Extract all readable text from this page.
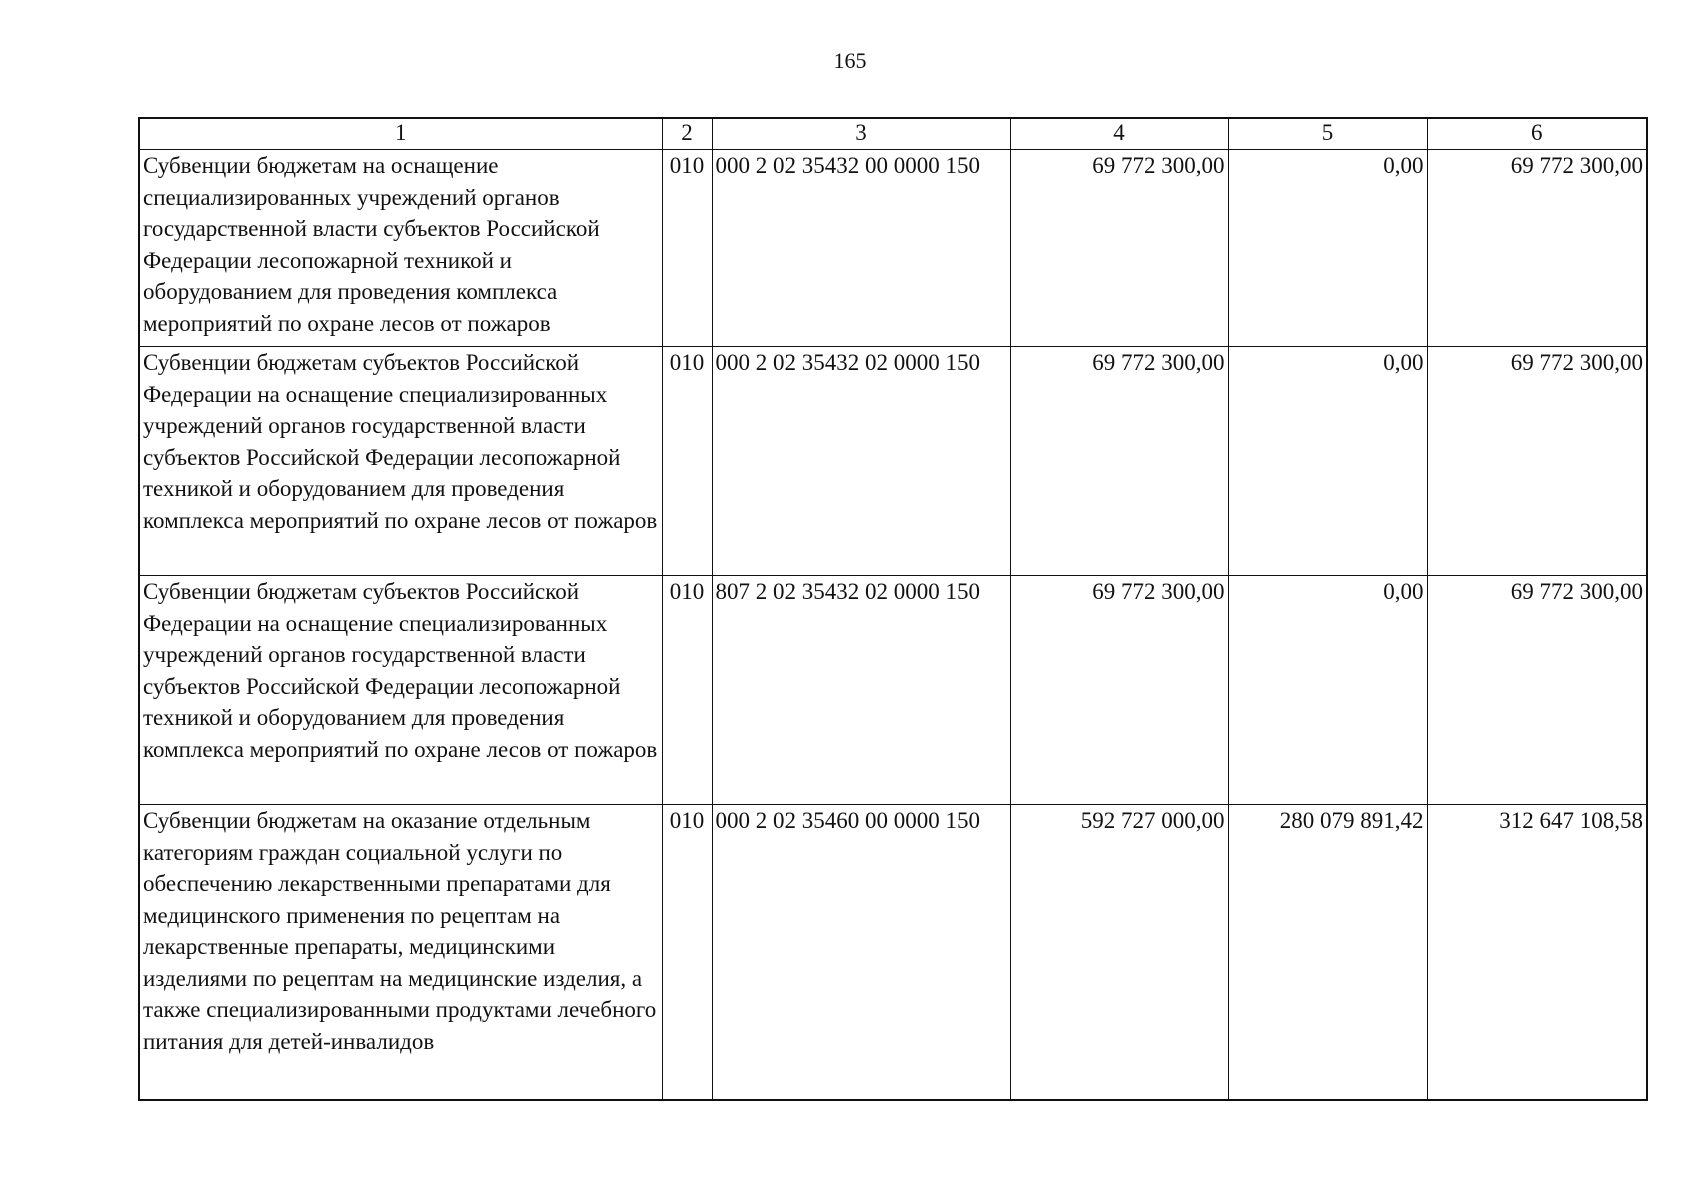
165
1	2	3	4	5	6
Субвенции бюджетам на оснащение специализированных учреждений органов государственной власти субъектов Российской Федерации лесопожарной техникой и оборудованием для проведения комплекса мероприятий по охране лесов от пожаров	010	000 2 02 35432 00 0000 150	69 772 300,00	0,00	69 772 300,00
Субвенции бюджетам субъектов Российской Федерации на оснащение специализированных учреждений органов государственной власти субъектов Российской Федерации лесопожарной техникой и оборудованием для проведения комплекса мероприятий по охране лесов от пожаров	010	000 2 02 35432 02 0000 150	69 772 300,00	0,00	69 772 300,00
Субвенции бюджетам субъектов Российской Федерации на оснащение специализированных учреждений органов государственной власти субъектов Российской Федерации лесопожарной техникой и оборудованием для проведения комплекса мероприятий по охране лесов от пожаров	010	807 2 02 35432 02 0000 150	69 772 300,00	0,00	69 772 300,00
Субвенции бюджетам на оказание отдельным категориям граждан социальной услуги по обеспечению лекарственными препаратами для медицинского применения по рецептам на лекарственные препараты, медицинскими изделиями по рецептам на медицинские изделия, а также специализированными продуктами лечебного питания для детей-инвалидов	010	000 2 02 35460 00 0000 150	592 727 000,00	280 079 891,42	312 647 108,58
